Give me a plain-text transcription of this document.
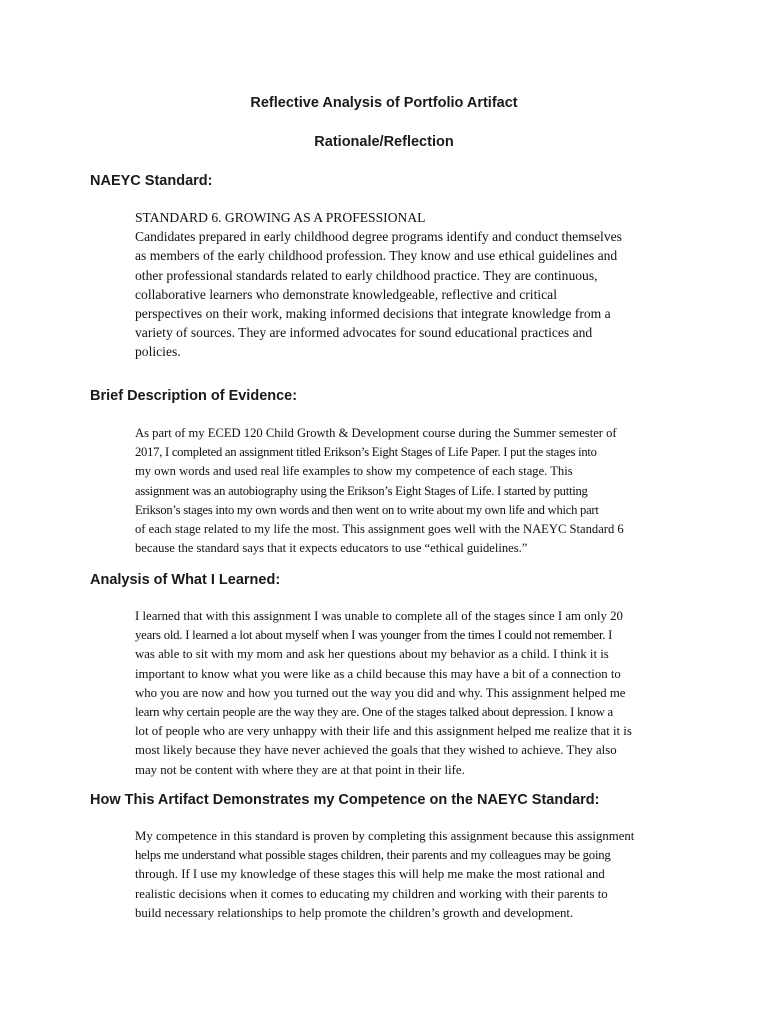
Reflective Analysis of Portfolio Artifact
Rationale/Reflection
NAEYC Standard:
STANDARD 6. GROWING AS A PROFESSIONAL
Candidates prepared in early childhood degree programs identify and conduct themselves
as members of the early childhood profession. They know and use ethical guidelines and
other professional standards related to early childhood practice. They are continuous,
collaborative learners who demonstrate knowledgeable, reflective and critical
perspectives on their work, making informed decisions that integrate knowledge from a
variety of sources. They are informed advocates for sound educational practices and
policies.
Brief Description of Evidence:
As part of my ECED 120 Child Growth & Development course during the Summer semester of
2017, I completed an assignment titled Erikson’s Eight Stages of Life Paper. I put the stages into
my own words and used real life examples to show my competence of each stage. This
assignment was an autobiography using the Erikson’s Eight Stages of Life. I started by putting
Erikson’s stages into my own words and then went on to write about my own life and which part
of each stage related to my life the most. This assignment goes well with the NAEYC Standard 6
because the standard says that it expects educators to use “ethical guidelines.”
Analysis of What I Learned:
I learned that with this assignment I was unable to complete all of the stages since I am only 20
years old. I learned a lot about myself when I was younger from the times I could not remember. I
was able to sit with my mom and ask her questions about my behavior as a child. I think it is
important to know what you were like as a child because this may have a bit of a connection to
who you are now and how you turned out the way you did and why. This assignment helped me
learn why certain people are the way they are. One of the stages talked about depression. I know a
lot of people who are very unhappy with their life and this assignment helped me realize that it is
most likely because they have never achieved the goals that they wished to achieve. They also
may not be content with where they are at that point in their life.
How This Artifact Demonstrates my Competence on the NAEYC Standard:
My competence in this standard is proven by completing this assignment because this assignment
helps me understand what possible stages children, their parents and my colleagues may be going
through. If I use my knowledge of these stages this will help me make the most rational and
realistic decisions when it comes to educating my children and working with their parents to
build necessary relationships to help promote the children’s growth and development.
